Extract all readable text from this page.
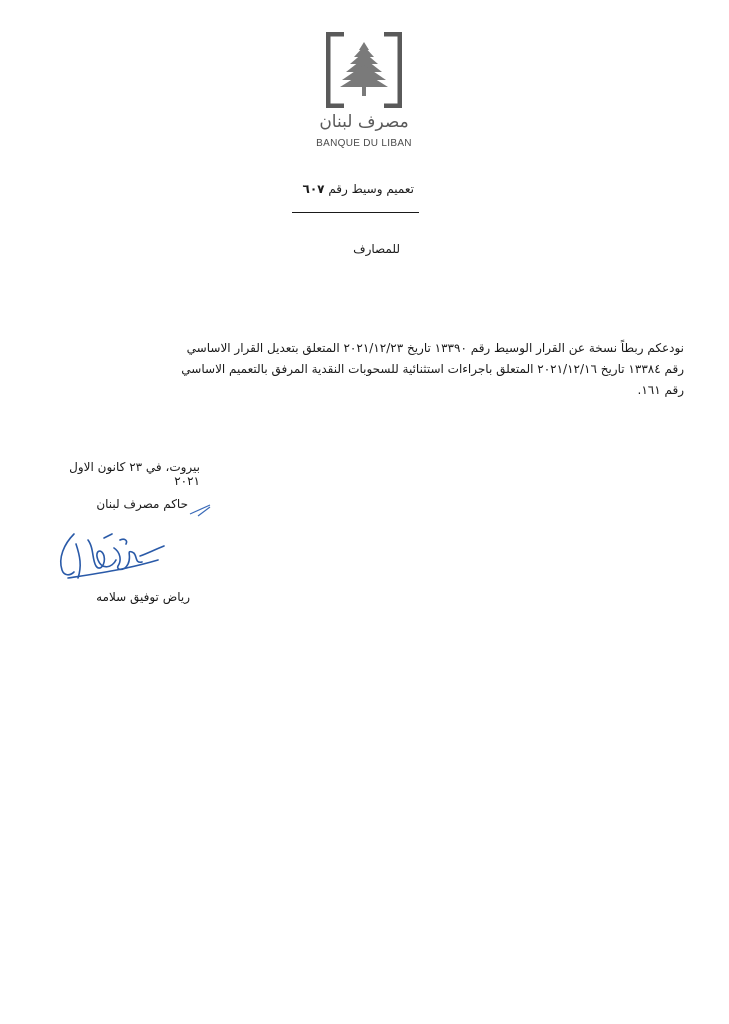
مصرف لبنان
BANQUE DU LIBAN
تعميم وسيط رقم ٦٠٧
للمصارف

نودعكم ربطاً نسخة عن القرار الوسيط رقم ١٣٣٩٠ تاريخ ٢٠٢١/١٢/٢٣ المتعلق بتعديل القرار الاساسي

رقم ١٣٣٨٤ تاريخ ٢٠٢١/١٢/١٦ المتعلق باجراءات استثنائية للسحوبات النقدية المرفق بالتعميم الاساسي

رقم ١٦١.

بيروت، في ٢٣ كانون الاول ٢٠٢١
حاكم مصرف لبنان
رياض توفيق سلامه
